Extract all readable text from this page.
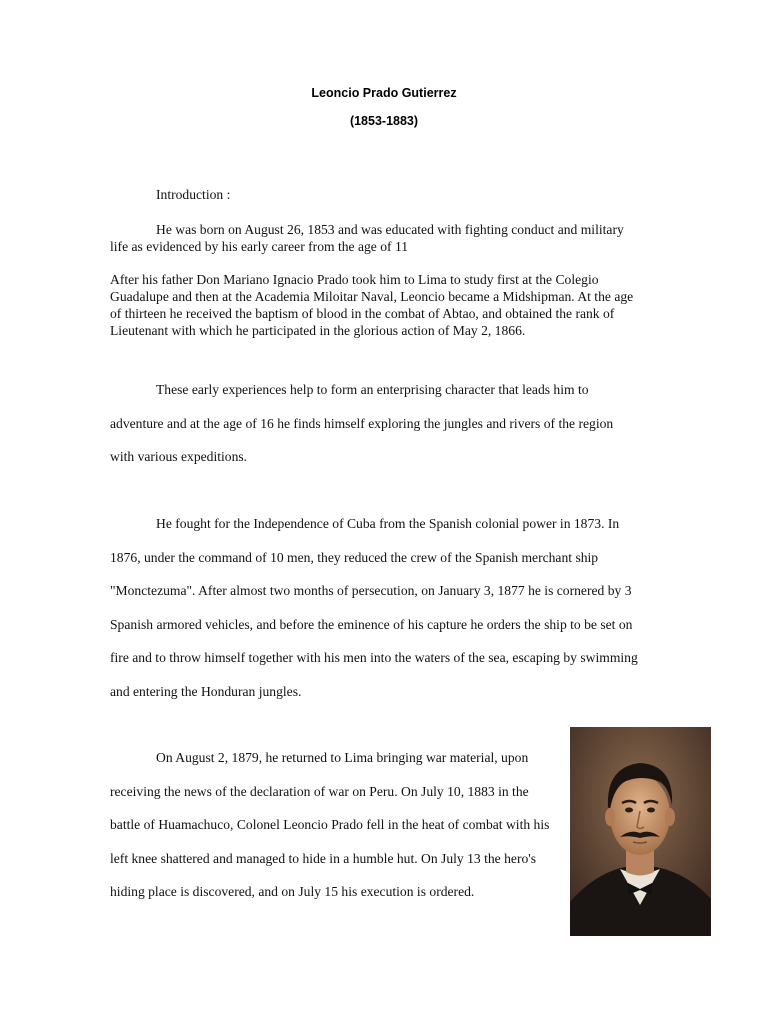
Leoncio Prado Gutierrez
(1853-1883)

Introduction :

He was born on August 26, 1853 and was educated with fighting conduct and military life as evidenced by his early career from the age of 11

After his father Don Mariano Ignacio Prado took him to Lima to study first at the Colegio Guadalupe and then at the Academia Miloitar Naval, Leoncio became a Midshipman. At the age of thirteen he received the baptism of blood in the combat of Abtao, and obtained the rank of Lieutenant with which he participated in the glorious action of May 2, 1866.

These early experiences help to form an enterprising character that leads him to adventure and at the age of 16 he finds himself exploring the jungles and rivers of the region with various expeditions.

He fought for the Independence of Cuba from the Spanish colonial power in 1873. In 1876, under the command of 10 men, they reduced the crew of the Spanish merchant ship "Monctezuma". After almost two months of persecution, on January 3, 1877 he is cornered by 3 Spanish armored vehicles, and before the eminence of his capture he orders the ship to be set on fire and to throw himself together with his men into the waters of the sea, escaping by swimming and entering the Honduran jungles.

On August 2, 1879, he returned to Lima bringing war material, upon receiving the news of the declaration of war on Peru. On July 10, 1883 in the battle of Huamachuco, Colonel Leoncio Prado fell in the heat of combat with his left knee shattered and managed to hide in a humble hut. On July 13 the hero's hiding place is discovered, and on July 15 his execution is ordered.
